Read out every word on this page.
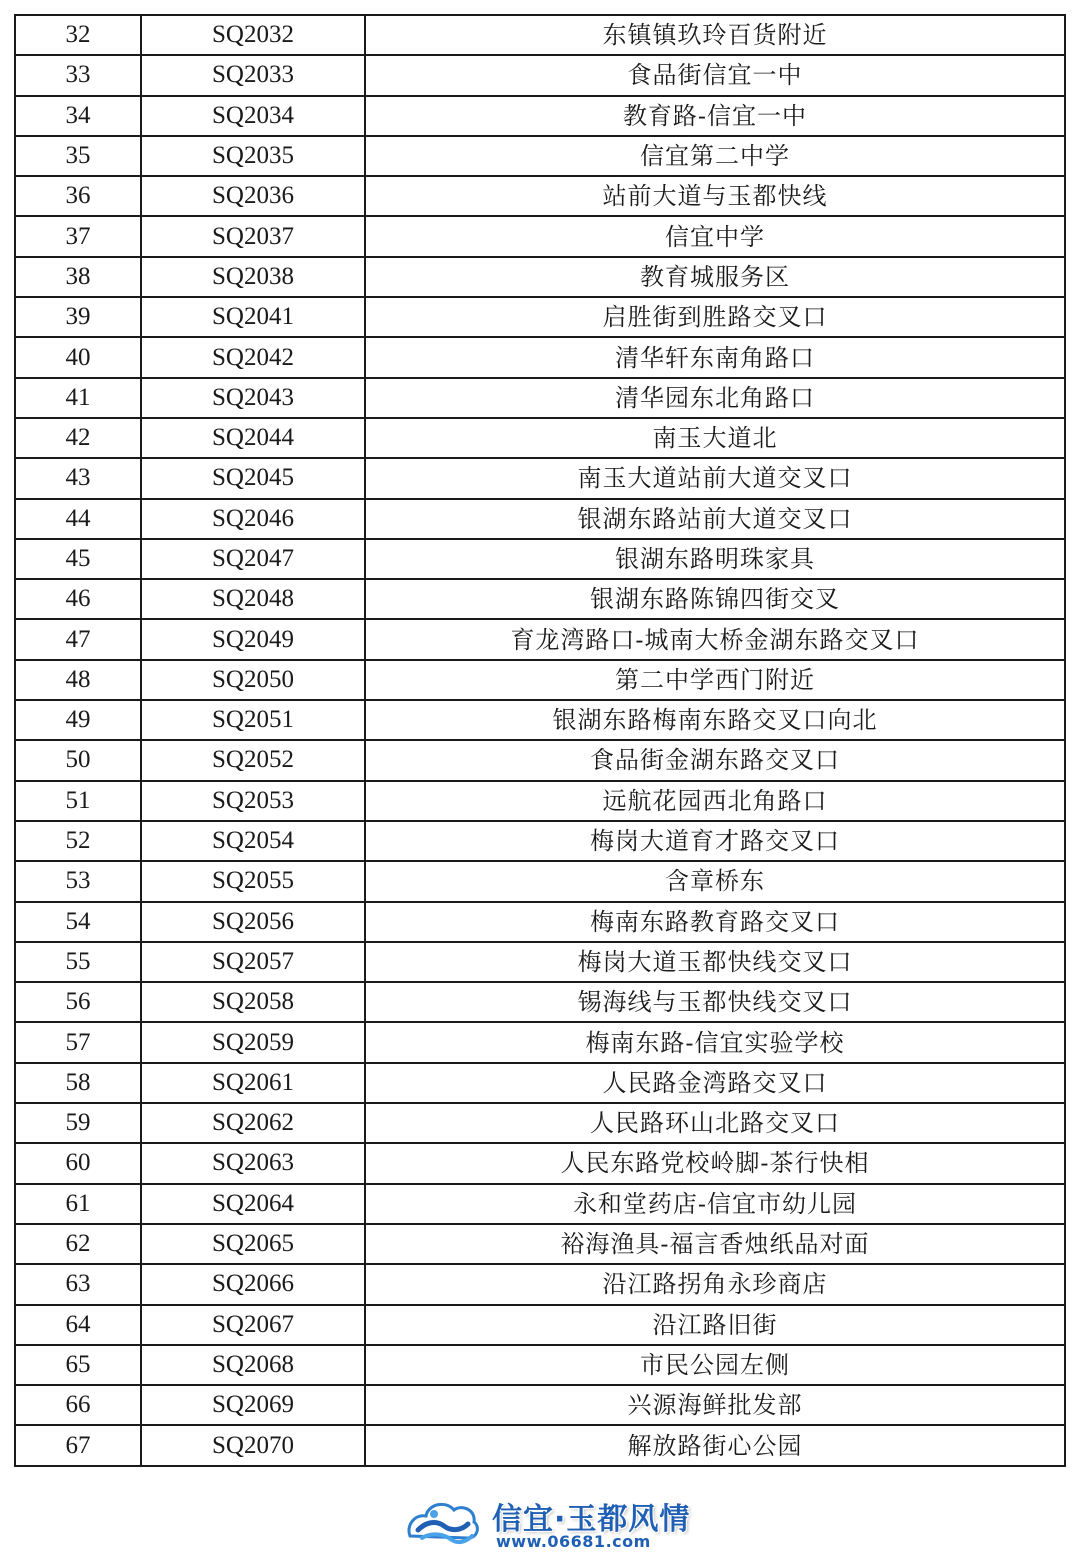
32	SQ2032	东镇镇玖玲百货附近
33	SQ2033	食品街信宜一中
34	SQ2034	教育路-信宜一中
35	SQ2035	信宜第二中学
36	SQ2036	站前大道与玉都快线
37	SQ2037	信宜中学
38	SQ2038	教育城服务区
39	SQ2041	启胜街到胜路交叉口
40	SQ2042	清华轩东南角路口
41	SQ2043	清华园东北角路口
42	SQ2044	南玉大道北
43	SQ2045	南玉大道站前大道交叉口
44	SQ2046	银湖东路站前大道交叉口
45	SQ2047	银湖东路明珠家具
46	SQ2048	银湖东路陈锦四街交叉
47	SQ2049	育龙湾路口-城南大桥金湖东路交叉口
48	SQ2050	第二中学西门附近
49	SQ2051	银湖东路梅南东路交叉口向北
50	SQ2052	食品街金湖东路交叉口
51	SQ2053	远航花园西北角路口
52	SQ2054	梅岗大道育才路交叉口
53	SQ2055	含章桥东
54	SQ2056	梅南东路教育路交叉口
55	SQ2057	梅岗大道玉都快线交叉口
56	SQ2058	锡海线与玉都快线交叉口
57	SQ2059	梅南东路-信宜实验学校
58	SQ2061	人民路金湾路交叉口
59	SQ2062	人民路环山北路交叉口
60	SQ2063	人民东路党校岭脚-茶行快相
61	SQ2064	永和堂药店-信宜市幼儿园
62	SQ2065	裕海渔具-福言香烛纸品对面
63	SQ2066	沿江路拐角永珍商店
64	SQ2067	沿江路旧街
65	SQ2068	市民公园左侧
66	SQ2069	兴源海鲜批发部
67	SQ2070	解放路街心公园
信宜·玉都风情
www.06681.com
